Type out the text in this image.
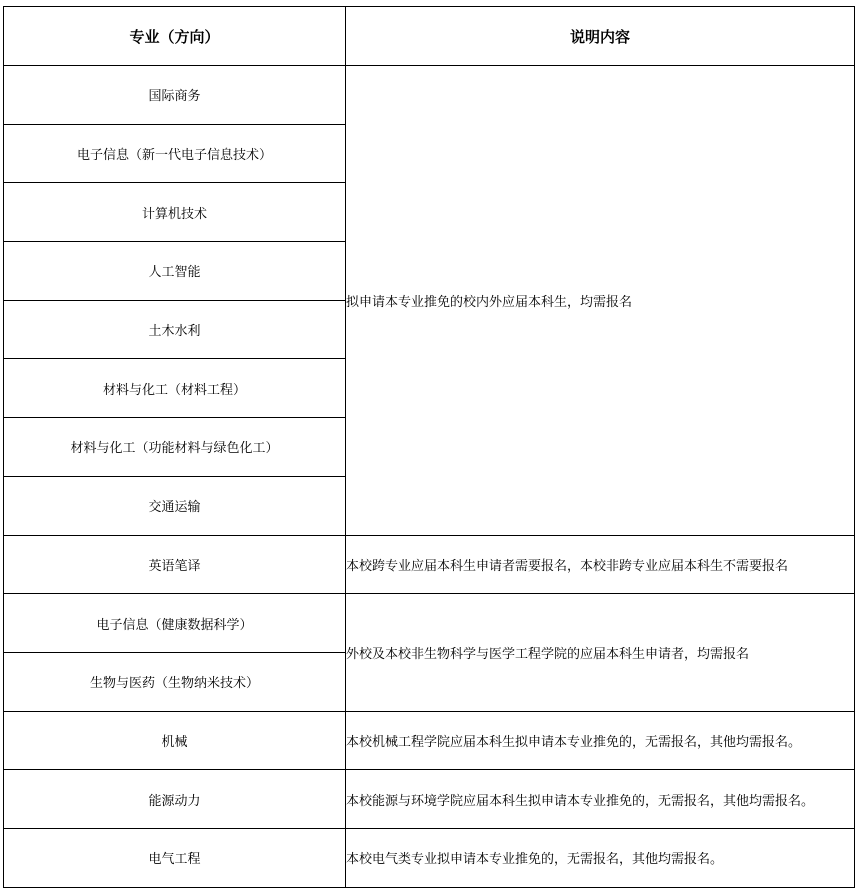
专业（方向）	说明内容
国际商务	拟申请本专业推免的校内外应届本科生，均需报名
电子信息（新一代电子信息技术）	
计算机技术	
人工智能	
土木水利	
材料与化工（材料工程）	
材料与化工（功能材料与绿色化工）	
交通运输	
英语笔译	本校跨专业应届本科生申请者需要报名，本校非跨专业应届本科生不需要报名
电子信息（健康数据科学）	外校及本校非生物科学与医学工程学院的应届本科生申请者，均需报名
生物与医药（生物纳米技术）	
机械	本校机械工程学院应届本科生拟申请本专业推免的，无需报名，其他均需报名。
能源动力	本校能源与环境学院应届本科生拟申请本专业推免的，无需报名，其他均需报名。
电气工程	本校电气类专业拟申请本专业推免的，无需报名，其他均需报名。
